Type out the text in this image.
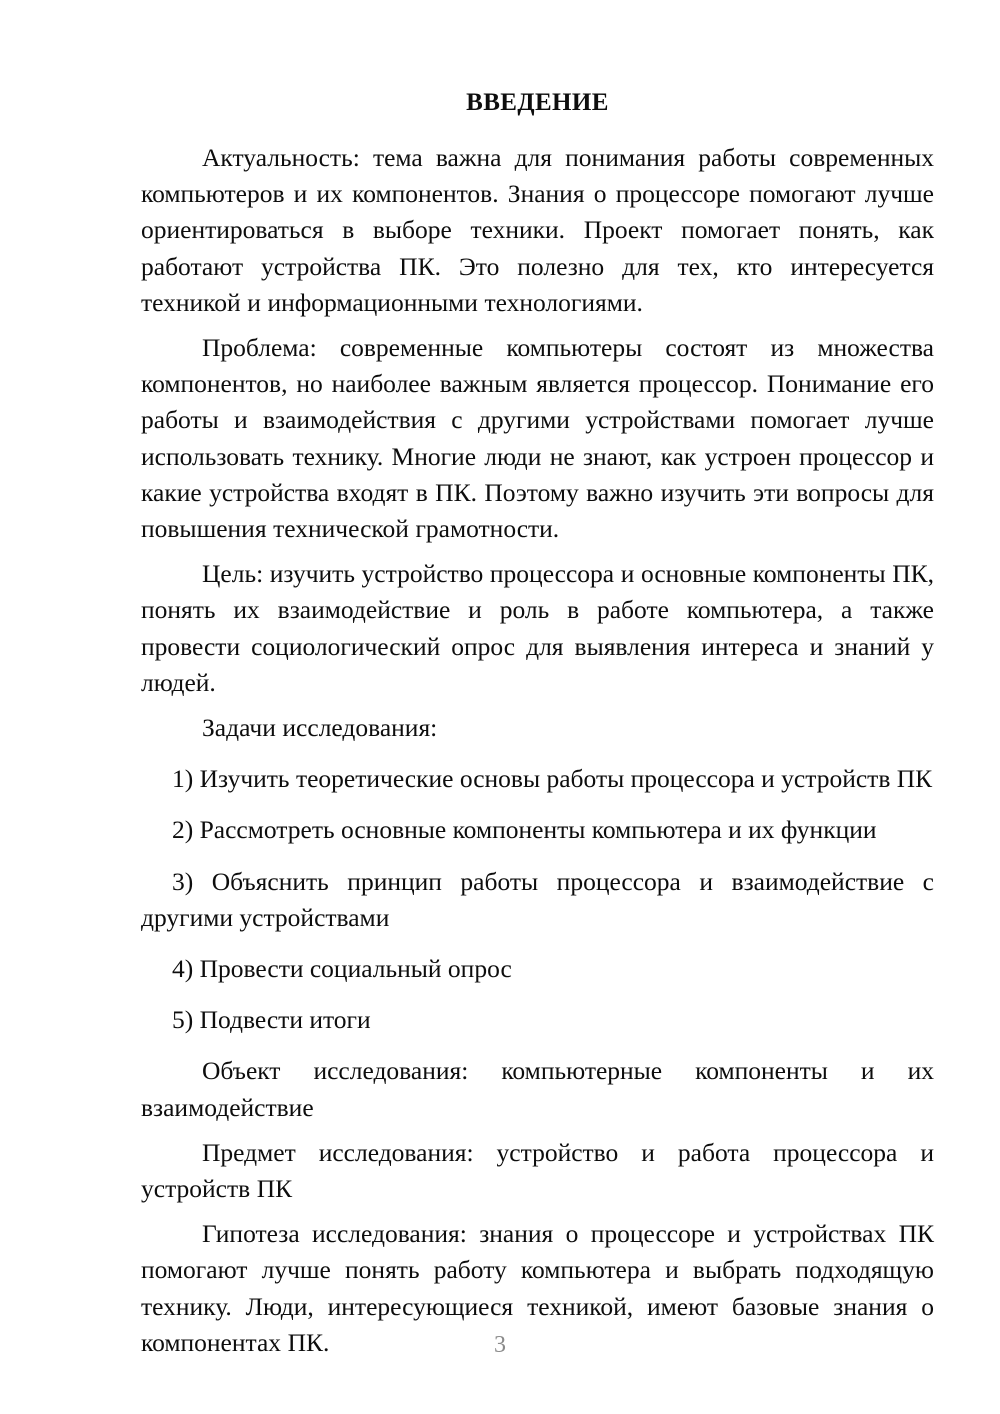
ВВЕДЕНИЕ

Актуальность: тема важна для понимания работы современных компьютеров и их компонентов. Знания о процессоре помогают лучше ориентироваться в выборе техники. Проект помогает понять, как работают устройства ПК. Это полезно для тех, кто интересуется техникой и информационными технологиями.

Проблема: современные компьютеры состоят из множества компонентов, но наиболее важным является процессор. Понимание его работы и взаимодействия с другими устройствами помогает лучше использовать технику. Многие люди не знают, как устроен процессор и какие устройства входят в ПК. Поэтому важно изучить эти вопросы для повышения технической грамотности.

Цель: изучить устройство процессора и основные компоненты ПК, понять их взаимодействие и роль в работе компьютера, а также провести социологический опрос для выявления интереса и знаний у людей.

Задачи исследования:

1) Изучить теоретические основы работы процессора и устройств ПК
2) Рассмотреть основные компоненты компьютера и их функции
3) Объяснить принцип работы процессора и взаимодействие с другими устройствами
4) Провести социальный опрос
5) Подвести итоги

Объект исследования: компьютерные компоненты и их взаимодействие

Предмет исследования: устройство и работа процессора и устройств ПК

Гипотеза исследования: знания о процессоре и устройствах ПК помогают лучше понять работу компьютера и выбрать подходящую технику. Люди, интересующиеся техникой, имеют базовые знания о компонентах ПК.	3
